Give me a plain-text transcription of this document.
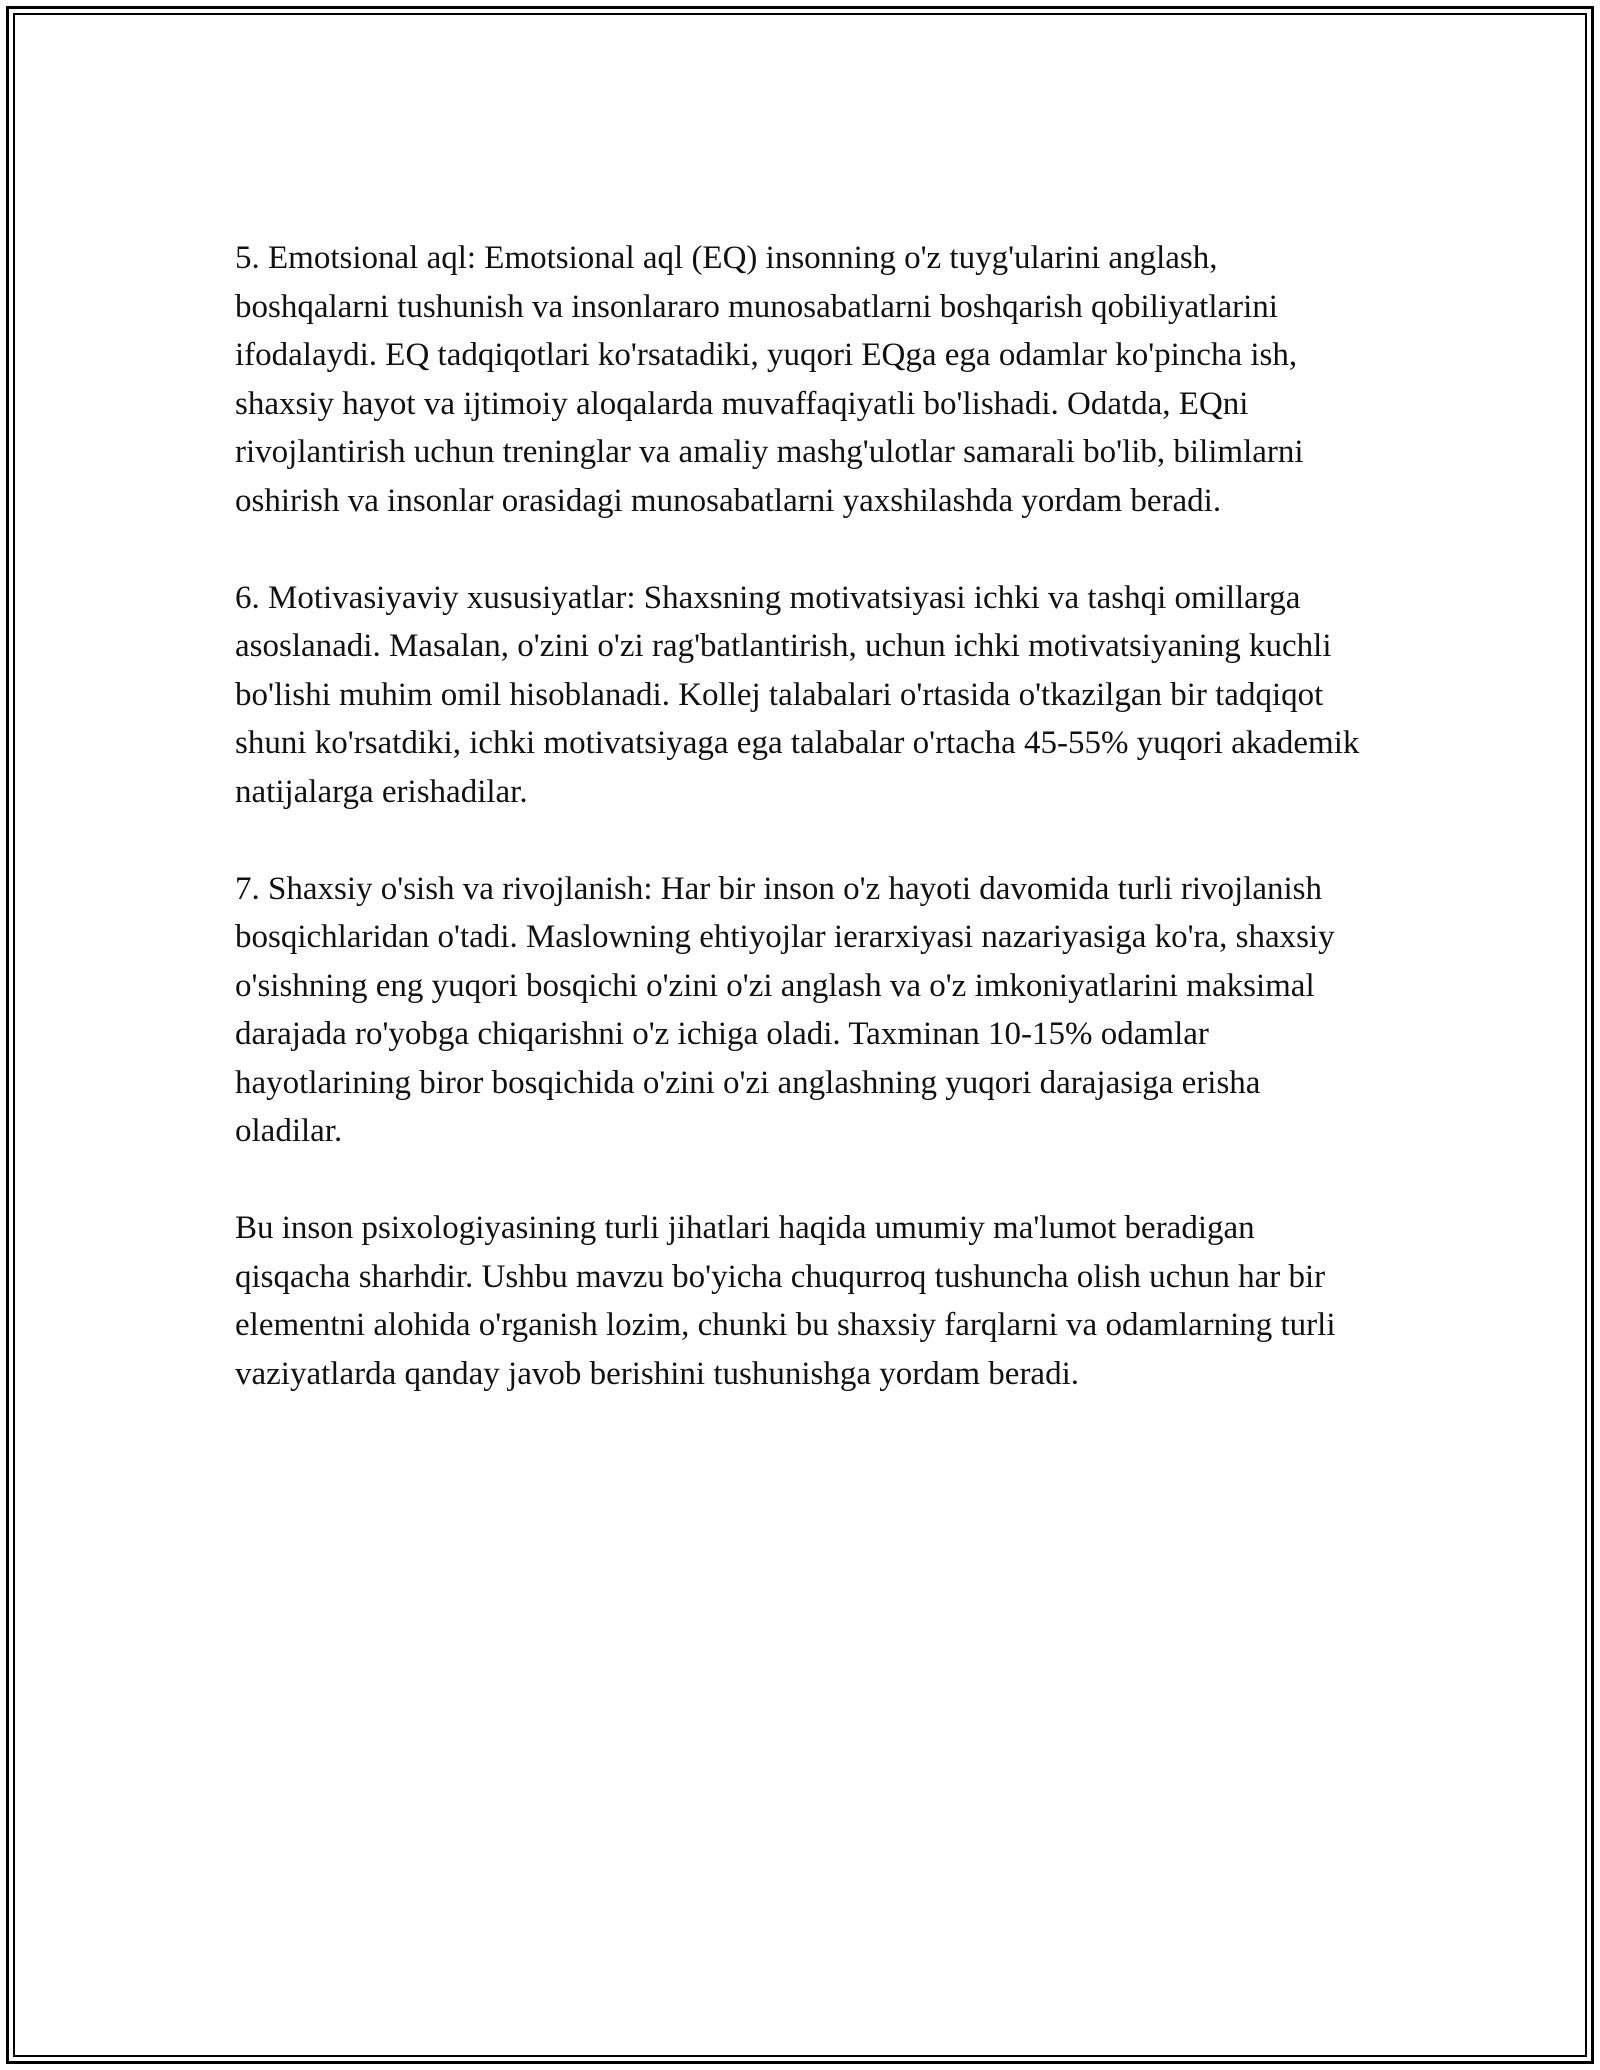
5. Emotsional aql: Emotsional aql (EQ) insonning o'z tuyg'ularini anglash, boshqalarni tushunish va insonlararo munosabatlarni boshqarish qobiliyatlarini ifodalaydi. EQ tadqiqotlari ko'rsatadiki, yuqori EQga ega odamlar ko'pincha ish, shaxsiy hayot va ijtimoiy aloqalarda muvaffaqiyatli bo'lishadi. Odatda, EQni rivojlantirish uchun treninglar va amaliy mashg'ulotlar samarali bo'lib, bilimlarni oshirish va insonlar orasidagi munosabatlarni yaxshilashda yordam beradi.

6. Motivasiyaviy xususiyatlar: Shaxsning motivatsiyasi ichki va tashqi omillarga asoslanadi. Masalan, o'zini o'zi rag'batlantirish, uchun ichki motivatsiyaning kuchli bo'lishi muhim omil hisoblanadi. Kollej talabalari o'rtasida o'tkazilgan bir tadqiqot shuni ko'rsatdiki, ichki motivatsiyaga ega talabalar o'rtacha 45-55% yuqori akademik natijalarga erishadilar.

7. Shaxsiy o'sish va rivojlanish: Har bir inson o'z hayoti davomida turli rivojlanish bosqichlaridan o'tadi. Maslowning ehtiyojlar ierarxiyasi nazariyasiga ko'ra, shaxsiy o'sishning eng yuqori bosqichi o'zini o'zi anglash va o'z imkoniyatlarini maksimal darajada ro'yobga chiqarishni o'z ichiga oladi. Taxminan 10-15% odamlar hayotlarining biror bosqichida o'zini o'zi anglashning yuqori darajasiga erisha oladilar.

Bu inson psixologiyasining turli jihatlari haqida umumiy ma'lumot beradigan qisqacha sharhdir. Ushbu mavzu bo'yicha chuqurroq tushuncha olish uchun har bir elementni alohida o'rganish lozim, chunki bu shaxsiy farqlarni va odamlarning turli vaziyatlarda qanday javob berishini tushunishga yordam beradi.
